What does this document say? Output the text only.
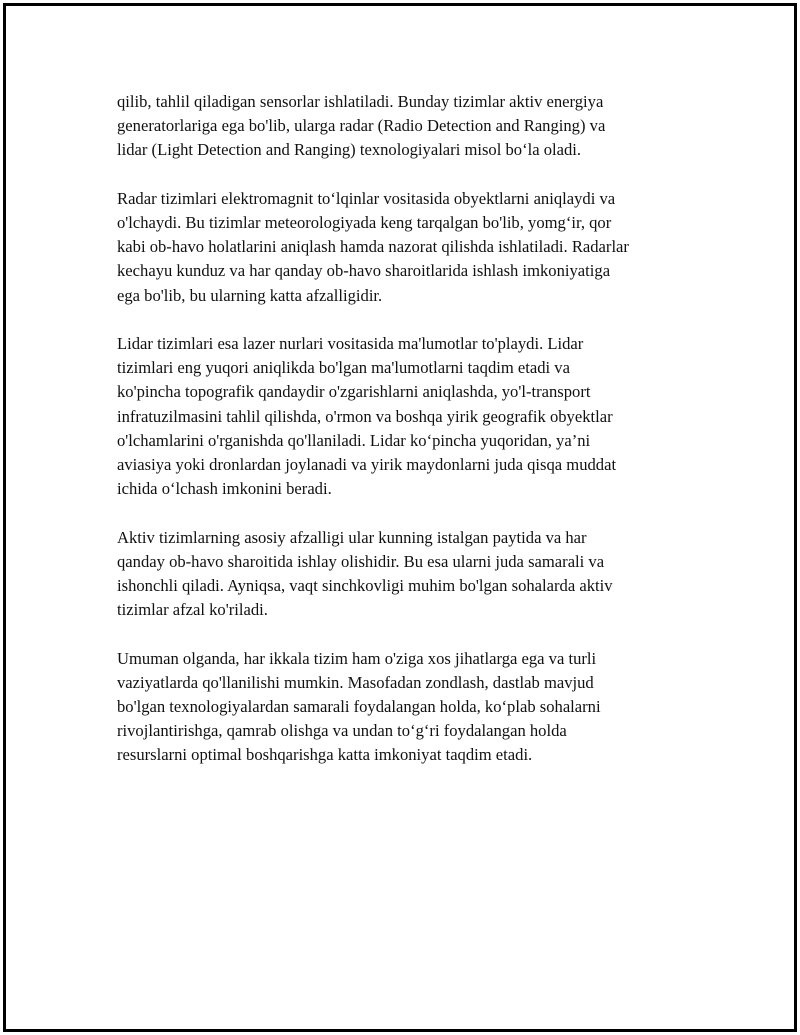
qilib, tahlil qiladigan sensorlar ishlatiladi. Bunday tizimlar aktiv energiya
generatorlariga ega bo'lib, ularga radar (Radio Detection and Ranging) va
lidar (Light Detection and Ranging) texnologiyalari misol bo‘la oladi.

Radar tizimlari elektromagnit to‘lqinlar vositasida obyektlarni aniqlaydi va
o'lchaydi. Bu tizimlar meteorologiyada keng tarqalgan bo'lib, yomg‘ir, qor
kabi ob-havo holatlarini aniqlash hamda nazorat qilishda ishlatiladi. Radarlar
kechayu kunduz va har qanday ob-havo sharoitlarida ishlash imkoniyatiga
ega bo'lib, bu ularning katta afzalligidir.

Lidar tizimlari esa lazer nurlari vositasida ma'lumotlar to'playdi. Lidar
tizimlari eng yuqori aniqlikda bo'lgan ma'lumotlarni taqdim etadi va
ko'pincha topografik qandaydir o'zgarishlarni aniqlashda, yo'l-transport
infratuzilmasini tahlil qilishda, o'rmon va boshqa yirik geografik obyektlar
o'lchamlarini o'rganishda qo'llaniladi. Lidar ko‘pincha yuqoridan, ya’ni
aviasiya yoki dronlardan joylanadi va yirik maydonlarni juda qisqa muddat
ichida o‘lchash imkonini beradi.

Aktiv tizimlarning asosiy afzalligi ular kunning istalgan paytida va har
qanday ob-havo sharoitida ishlay olishidir. Bu esa ularni juda samarali va
ishonchli qiladi. Ayniqsa, vaqt sinchkovligi muhim bo'lgan sohalarda aktiv
tizimlar afzal ko'riladi.

Umuman olganda, har ikkala tizim ham o'ziga xos jihatlarga ega va turli
vaziyatlarda qo'llanilishi mumkin. Masofadan zondlash, dastlab mavjud
bo'lgan texnologiyalardan samarali foydalangan holda, ko‘plab sohalarni
rivojlantirishga, qamrab olishga va undan to‘g‘ri foydalangan holda
resurslarni optimal boshqarishga katta imkoniyat taqdim etadi.
